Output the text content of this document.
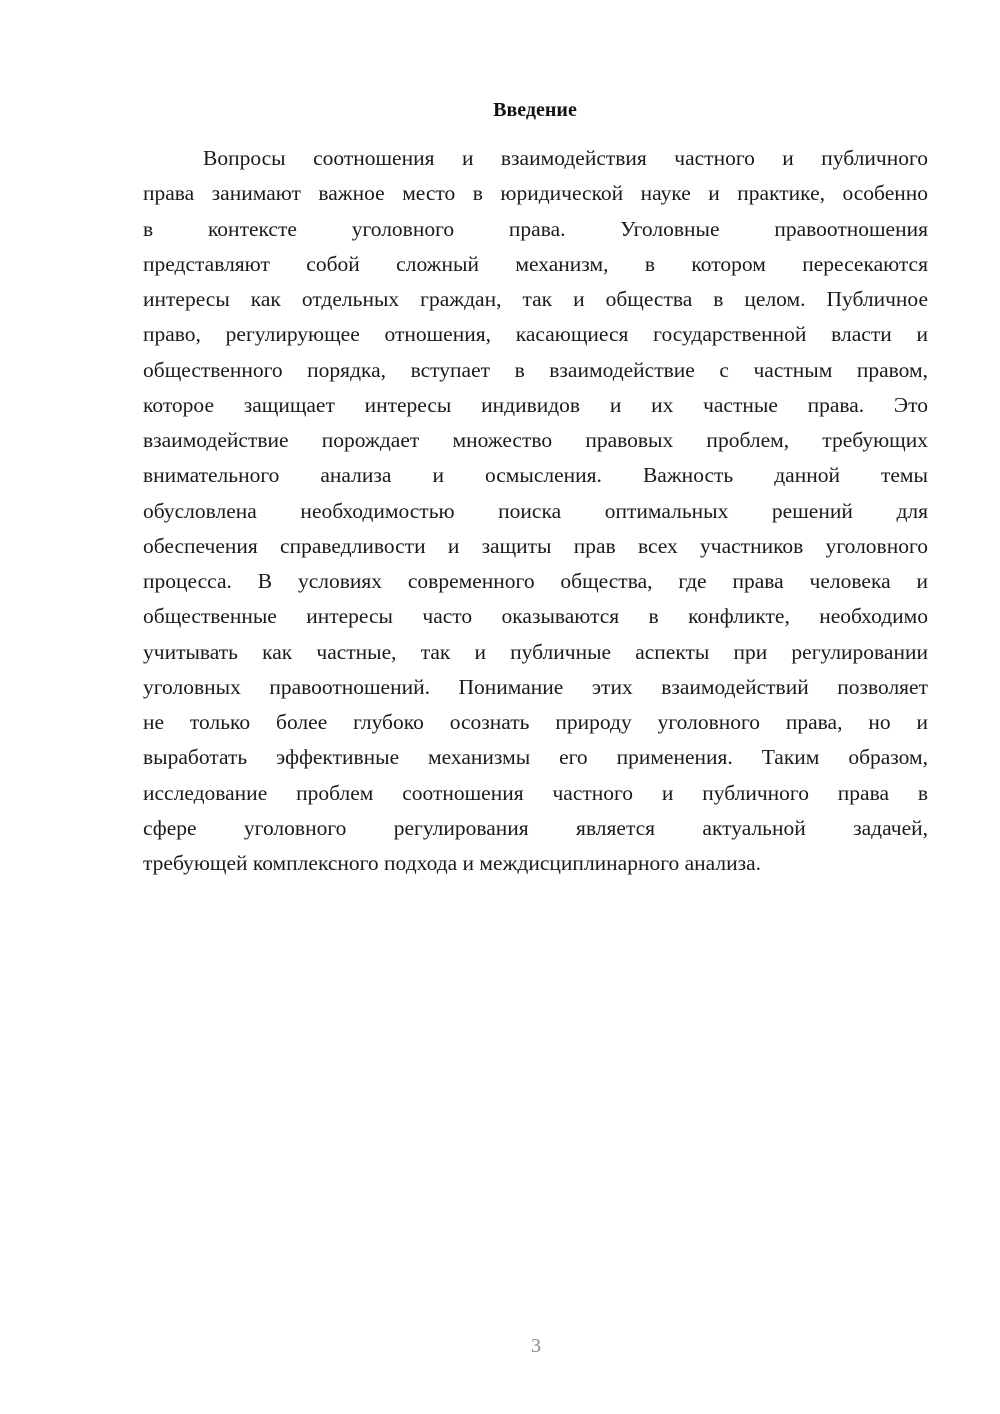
Введение

Вопросы соотношения и взаимодействия частного и публичного
права занимают важное место в юридической науке и практике, особенно
в контексте уголовного права. Уголовные правоотношения
представляют собой сложный механизм, в котором пересекаются
интересы как отдельных граждан, так и общества в целом. Публичное
право, регулирующее отношения, касающиеся государственной власти и
общественного порядка, вступает в взаимодействие с частным правом,
которое защищает интересы индивидов и их частные права. Это
взаимодействие порождает множество правовых проблем, требующих
внимательного анализа и осмысления. Важность данной темы
обусловлена необходимостью поиска оптимальных решений для
обеспечения справедливости и защиты прав всех участников уголовного
процесса. В условиях современного общества, где права человека и
общественные интересы часто оказываются в конфликте, необходимо
учитывать как частные, так и публичные аспекты при регулировании
уголовных правоотношений. Понимание этих взаимодействий позволяет
не только более глубоко осознать природу уголовного права, но и
выработать эффективные механизмы его применения. Таким образом,
исследование проблем соотношения частного и публичного права в
сфере уголовного регулирования является актуальной задачей,
требующей комплексного подхода и междисциплинарного анализа.

3
